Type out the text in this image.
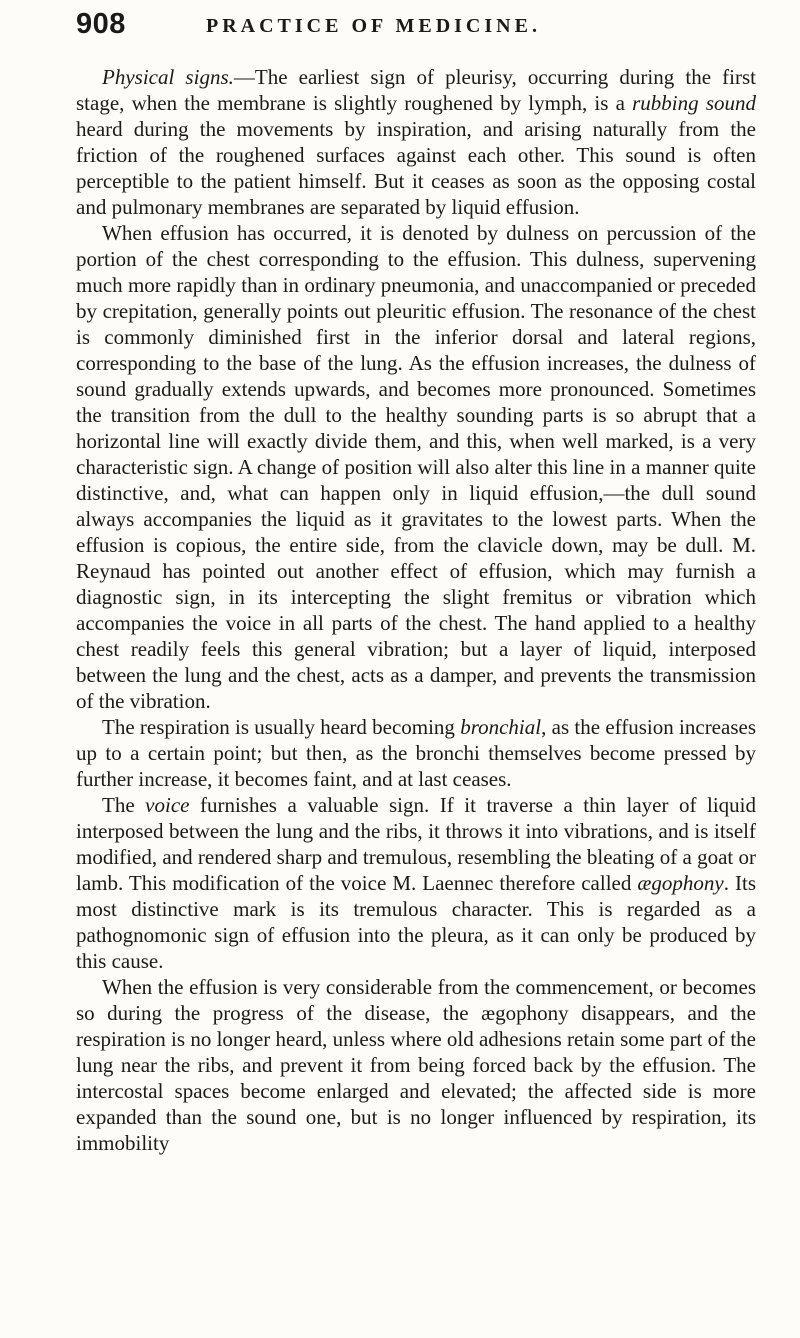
908	PRACTICE OF MEDICINE.

Physical signs.—The earliest sign of pleurisy, occurring during the first stage, when the membrane is slightly roughened by lymph, is a rubbing sound heard during the movements by inspiration, and arising naturally from the friction of the roughened surfaces against each other. This sound is often perceptible to the patient himself. But it ceases as soon as the opposing costal and pulmonary membranes are separated by liquid effusion.

When effusion has occurred, it is denoted by dulness on percussion of the portion of the chest corresponding to the effusion. This dulness, supervening much more rapidly than in ordinary pneumonia, and unaccompanied or preceded by crepitation, generally points out pleuritic effusion. The resonance of the chest is commonly diminished first in the inferior dorsal and lateral regions, corresponding to the base of the lung. As the effusion increases, the dulness of sound gradually extends upwards, and becomes more pronounced. Sometimes the transition from the dull to the healthy sounding parts is so abrupt that a horizontal line will exactly divide them, and this, when well marked, is a very characteristic sign. A change of position will also alter this line in a manner quite distinctive, and, what can happen only in liquid effusion,—the dull sound always accompanies the liquid as it gravitates to the lowest parts. When the effusion is copious, the entire side, from the clavicle down, may be dull. M. Reynaud has pointed out another effect of effusion, which may furnish a diagnostic sign, in its intercepting the slight fremitus or vibration which accompanies the voice in all parts of the chest. The hand applied to a healthy chest readily feels this general vibration; but a layer of liquid, interposed between the lung and the chest, acts as a damper, and prevents the transmission of the vibration.

The respiration is usually heard becoming bronchial, as the effusion increases up to a certain point; but then, as the bronchi themselves become pressed by further increase, it becomes faint, and at last ceases.

The voice furnishes a valuable sign. If it traverse a thin layer of liquid interposed between the lung and the ribs, it throws it into vibrations, and is itself modified, and rendered sharp and tremulous, resembling the bleating of a goat or lamb. This modification of the voice M. Laennec therefore called ægophony. Its most distinctive mark is its tremulous character. This is regarded as a pathognomonic sign of effusion into the pleura, as it can only be produced by this cause.

When the effusion is very considerable from the commencement, or becomes so during the progress of the disease, the ægophony disappears, and the respiration is no longer heard, unless where old adhesions retain some part of the lung near the ribs, and prevent it from being forced back by the effusion. The intercostal spaces become enlarged and elevated; the affected side is more expanded than the sound one, but is no longer influenced by respiration, its immobility
